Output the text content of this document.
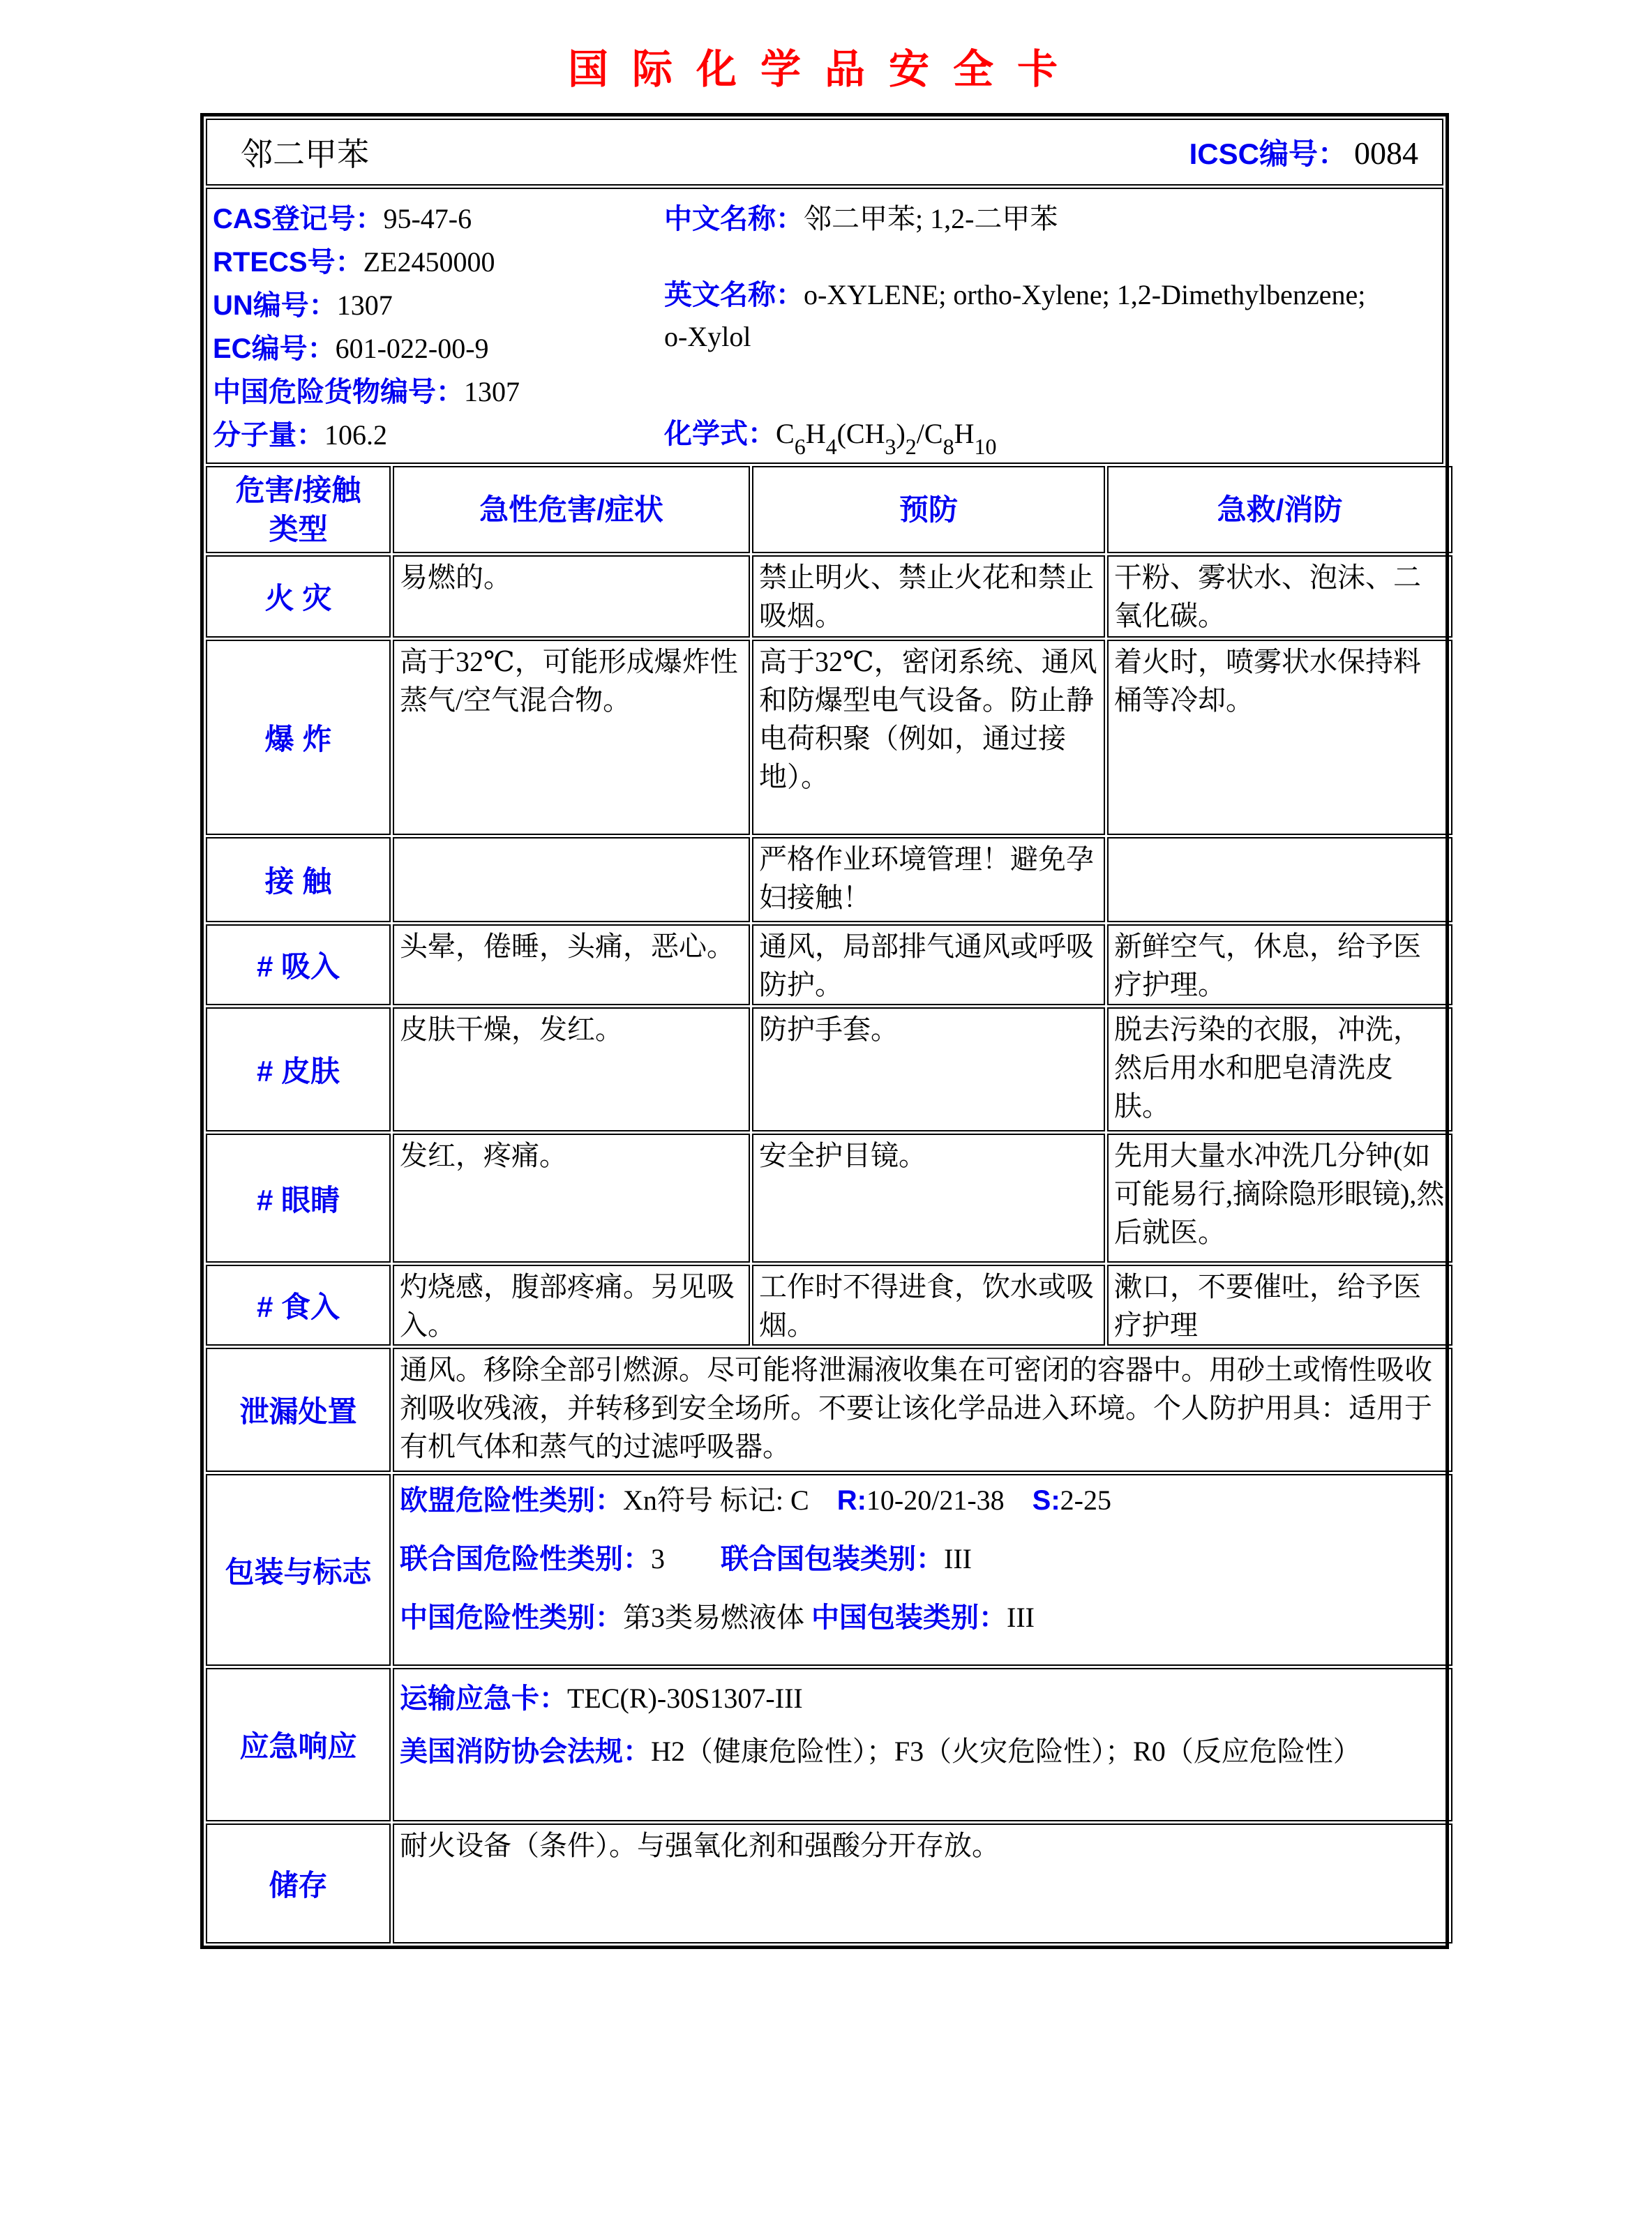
国际化学品安全卡
邻二甲苯	ICSC编号： 0084
CAS登记号：95-47-6
RTECS号：ZE2450000
UN编号：1307
EC编号：601-022-00-9
中国危险货物编号：1307
分子量：106.2
中文名称：邻二甲苯; 1,2-二甲苯
英文名称：o-XYLENE; ortho-Xylene; 1,2-Dimethylbenzene; o-Xylol
化学式：$C_6H_4(CH_3)_2/C_8H_{10}$
危害/接触
类型	急性危害/症状	预防	急救/消防
火 灾	易燃的。	禁止明火、禁止火花和禁止吸烟。	干粉、雾状水、泡沫、二氧化碳。
爆 炸	高于32℃，可能形成爆炸性蒸气/空气混合物。	高于32℃，密闭系统、通风和防爆型电气设备。防止静电荷积聚（例如，通过接地）。	着火时，喷雾状水保持料桶等冷却。
接 触		严格作业环境管理！避免孕妇接触！	
# 吸入	头晕，倦睡，头痛，恶心。	通风，局部排气通风或呼吸防护。	新鲜空气，休息，给予医疗护理。
# 皮肤	皮肤干燥，发红。	防护手套。	脱去污染的衣服，冲洗，然后用水和肥皂清洗皮肤。
# 眼睛	发红，疼痛。	安全护目镜。	先用大量水冲洗几分钟(如可能易行,摘除隐形眼镜),然后就医。
# 食入	灼烧感，腹部疼痛。另见吸入。	工作时不得进食，饮水或吸烟。	漱口，不要催吐，给予医疗护理
泄漏处置	通风。移除全部引燃源。尽可能将泄漏液收集在可密闭的容器中。用砂土或惰性吸收剂吸收残液，并转移到安全场所。不要让该化学品进入环境。个人防护用具：适用于有机气体和蒸气的过滤呼吸器。		
包装与标志	欧盟危险性类别：Xn符号 标记: C    R:10-20/21-38    S:2-25
联合国危险性类别：3        联合国包装类别：III
中国危险性类别：第3类易燃液体 中国包装类别：III		

应急响应	运输应急卡：TEC(R)-30S1307-III
美国消防协会法规：H2（健康危险性）；F3（火灾危险性）；R0（反应危险性）		

储存	耐火设备（条件）。与强氧化剂和强酸分开存放。		
